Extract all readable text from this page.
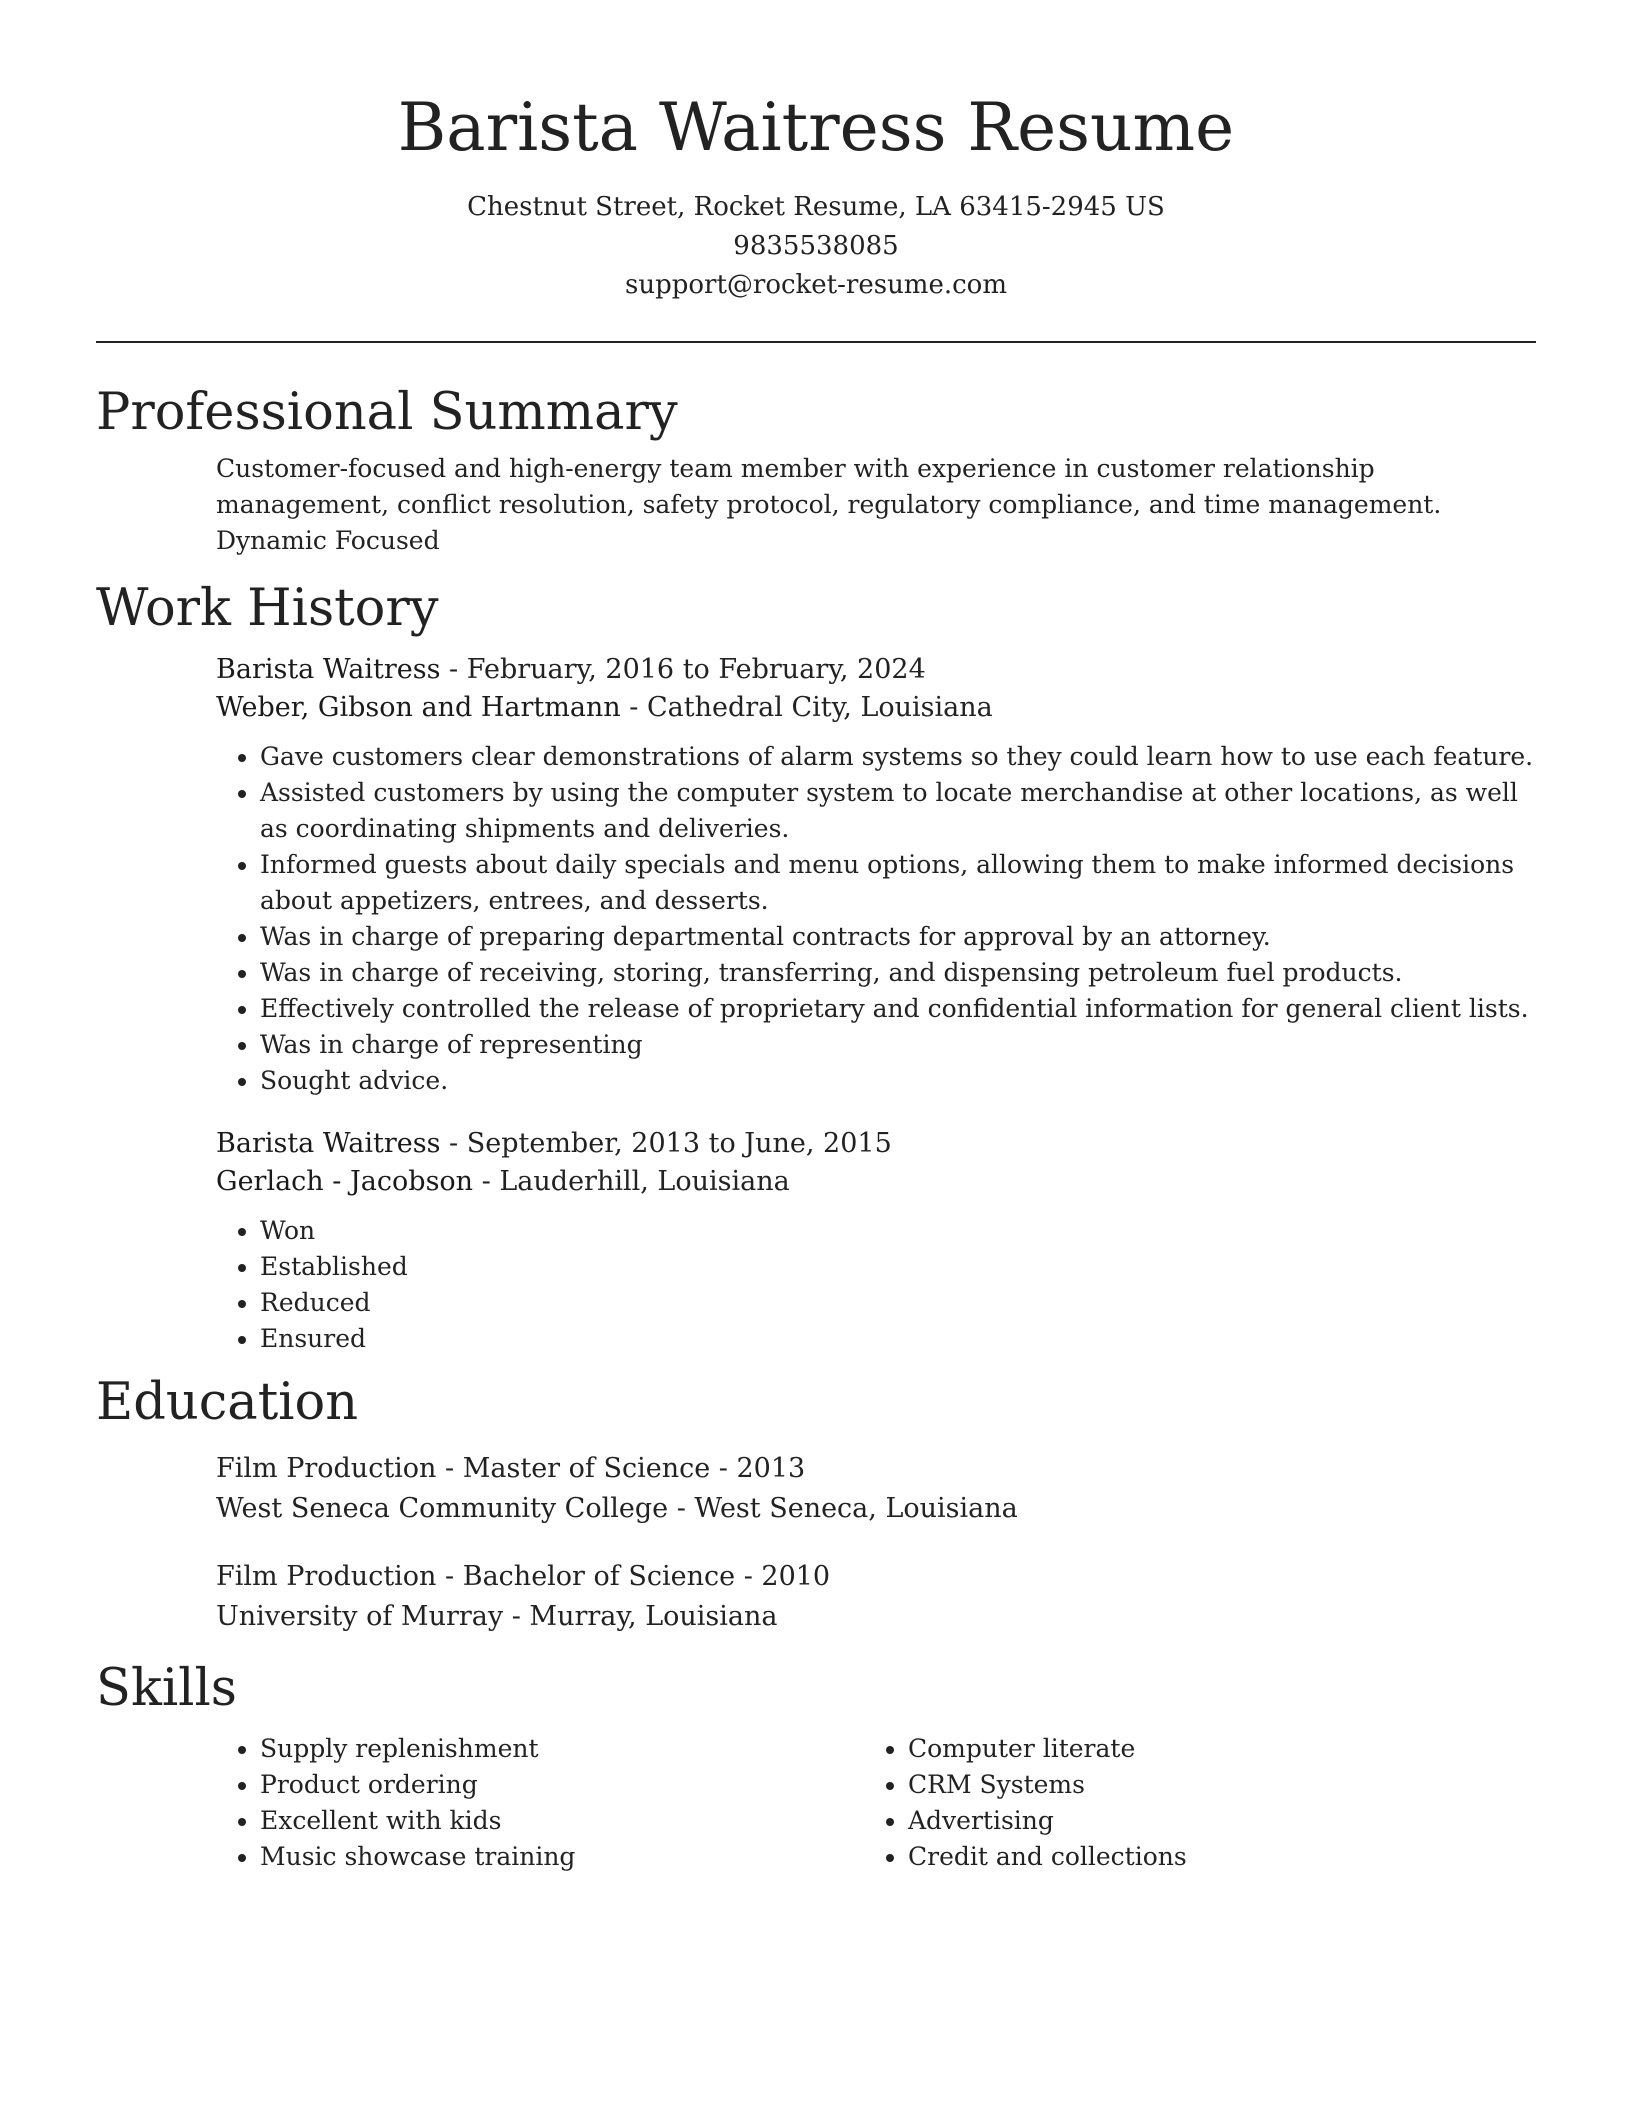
Barista Waitress Resume

Chestnut Street, Rocket Resume, LA 63415-2945 US

9835538085

support@rocket-resume.com

Professional Summary

Customer-focused and high-energy team member with experience in customer relationship management, conflict resolution, safety protocol, regulatory compliance, and time management. Dynamic Focused

Work History

Barista Waitress - February, 2016 to February, 2024

Weber, Gibson and Hartmann - Cathedral City, Louisiana

• Gave customers clear demonstrations of alarm systems so they could learn how to use each feature.
• Assisted customers by using the computer system to locate merchandise at other locations, as well as coordinating shipments and deliveries.
• Informed guests about daily specials and menu options, allowing them to make informed decisions about appetizers, entrees, and desserts.
• Was in charge of preparing departmental contracts for approval by an attorney.
• Was in charge of receiving, storing, transferring, and dispensing petroleum fuel products.
• Effectively controlled the release of proprietary and confidential information for general client lists.
• Was in charge of representing
• Sought advice.

Barista Waitress - September, 2013 to June, 2015

Gerlach - Jacobson - Lauderhill, Louisiana

• Won
• Established
• Reduced
• Ensured
Education

Film Production - Master of Science - 2013

West Seneca Community College - West Seneca, Louisiana

Film Production - Bachelor of Science - 2010

University of Murray - Murray, Louisiana

Skills
• Supply replenishment
• Product ordering
• Excellent with kids
• Music showcase training
• Computer literate
• CRM Systems
• Advertising
• Credit and collections
